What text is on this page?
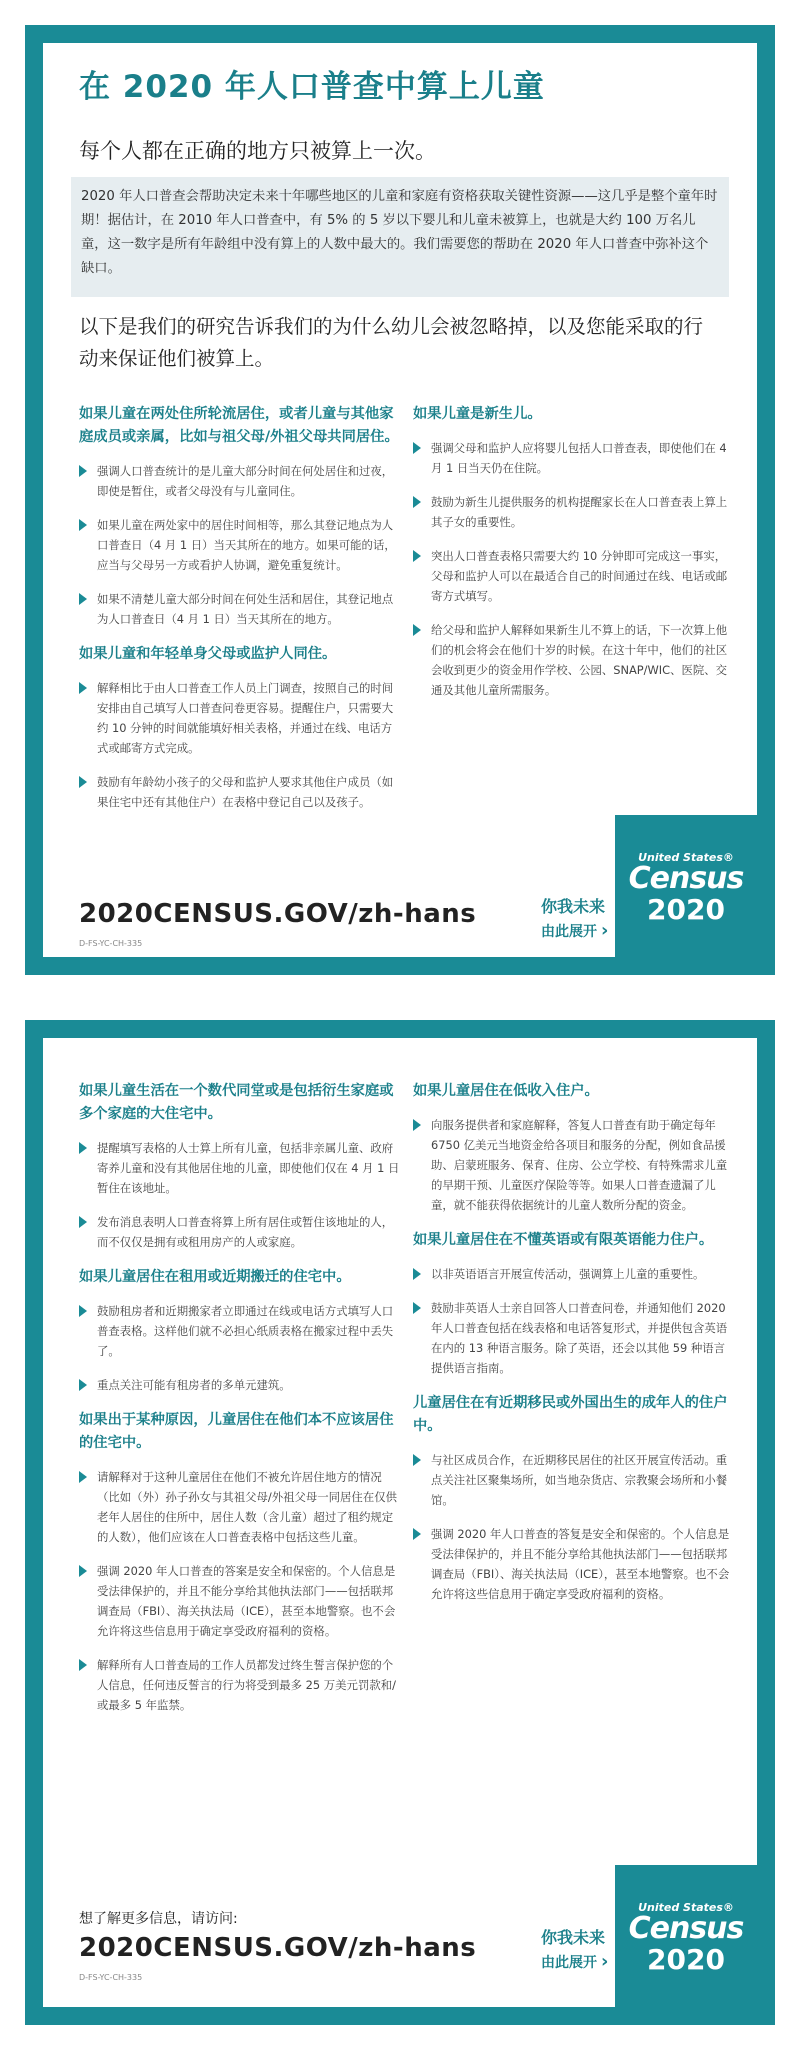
在 2020 年人口普查中算上儿童
每个人都在正确的地方只被算上一次。
2020 年人口普查会帮助决定未来十年哪些地区的儿童和家庭有资格获取关键性资源——这几乎是整个童年时期！据估计，在 2010 年人口普查中，有 5% 的 5 岁以下婴儿和儿童未被算上，也就是大约 100 万名儿童，这一数字是所有年龄组中没有算上的人数中最大的。我们需要您的帮助在 2020 年人口普查中弥补这个缺口。
以下是我们的研究告诉我们的为什么幼儿会被忽略掉，以及您能采取的行动来保证他们被算上。
如果儿童在两处住所轮流居住，或者儿童与其他家庭成员或亲属，比如与祖父母/外祖父母共同居住。
强调人口普查统计的是儿童大部分时间在何处居住和过夜，即使是暂住，或者父母没有与儿童同住。
如果儿童在两处家中的居住时间相等，那么其登记地点为人口普查日（4 月 1 日）当天其所在的地方。如果可能的话，应当与父母另一方或看护人协调，避免重复统计。
如果不清楚儿童大部分时间在何处生活和居住，其登记地点为人口普查日（4 月 1 日）当天其所在的地方。
如果儿童和年轻单身父母或监护人同住。
解释相比于由人口普查工作人员上门调查，按照自己的时间安排由自己填写人口普查问卷更容易。提醒住户，只需要大约 10 分钟的时间就能填好相关表格，并通过在线、电话方式或邮寄方式完成。
鼓励有年龄幼小孩子的父母和监护人要求其他住户成员（如果住宅中还有其他住户）在表格中登记自己以及孩子。
如果儿童是新生儿。
强调父母和监护人应将婴儿包括人口普查表，即使他们在 4 月 1 日当天仍在住院。
鼓励为新生儿提供服务的机构提醒家长在人口普查表上算上其子女的重要性。
突出人口普查表格只需要大约 10 分钟即可完成这一事实，父母和监护人可以在最适合自己的时间通过在线、电话或邮寄方式填写。
给父母和监护人解释如果新生儿不算上的话，下一次算上他们的机会将会在他们十岁的时候。在这十年中，他们的社区会收到更少的资金用作学校、公园、SNAP/WIC、医院、交通及其他儿童所需服务。
2020CENSUS.GOV/zh-hans
D-FS-YC-CH-335
你我未来
由此展开 ›
United States®
Census
2020
如果儿童生活在一个数代同堂或是包括衍生家庭或多个家庭的大住宅中。
提醒填写表格的人士算上所有儿童，包括非亲属儿童、政府寄养儿童和没有其他居住地的儿童，即使他们仅在 4 月 1 日暂住在该地址。
发布消息表明人口普查将算上所有居住或暂住该地址的人，而不仅仅是拥有或租用房产的人或家庭。
如果儿童居住在租用或近期搬迁的住宅中。
鼓励租房者和近期搬家者立即通过在线或电话方式填写人口普查表格。这样他们就不必担心纸质表格在搬家过程中丢失了。
重点关注可能有租房者的多单元建筑。
如果出于某种原因，儿童居住在他们本不应该居住的住宅中。
请解释对于这种儿童居住在他们不被允许居住地方的情况（比如（外）孙子孙女与其祖父母/外祖父母一同居住在仅供老年人居住的住所中，居住人数（含儿童）超过了租约规定的人数），他们应该在人口普查表格中包括这些儿童。
强调 2020 年人口普查的答案是安全和保密的。个人信息是受法律保护的，并且不能分享给其他执法部门——包括联邦调查局（FBI）、海关执法局（ICE），甚至本地警察。也不会允许将这些信息用于确定享受政府福利的资格。
解释所有人口普查局的工作人员都发过终生誓言保护您的个人信息，任何违反誓言的行为将受到最多 25 万美元罚款和/或最多 5 年监禁。
如果儿童居住在低收入住户。
向服务提供者和家庭解释，答复人口普查有助于确定每年 6750 亿美元当地资金给各项目和服务的分配，例如食品援助、启蒙班服务、保育、住房、公立学校、有特殊需求儿童的早期干预、儿童医疗保险等等。如果人口普查遗漏了儿童，就不能获得依据统计的儿童人数所分配的资金。
如果儿童居住在不懂英语或有限英语能力住户。
以非英语语言开展宣传活动，强调算上儿童的重要性。
鼓励非英语人士亲自回答人口普查问卷，并通知他们 2020 年人口普查包括在线表格和电话答复形式，并提供包含英语在内的 13 种语言服务。除了英语，还会以其他 59 种语言提供语言指南。
儿童居住在有近期移民或外国出生的成年人的住户中。
与社区成员合作，在近期移民居住的社区开展宣传活动。重点关注社区聚集场所，如当地杂货店、宗教聚会场所和小餐馆。
强调 2020 年人口普查的答复是安全和保密的。个人信息是受法律保护的，并且不能分享给其他执法部门——包括联邦调查局（FBI）、海关执法局（ICE），甚至本地警察。也不会允许将这些信息用于确定享受政府福利的资格。
想了解更多信息，请访问:
2020CENSUS.GOV/zh-hans
D-FS-YC-CH-335
你我未来
由此展开 ›
United States®
Census
2020
